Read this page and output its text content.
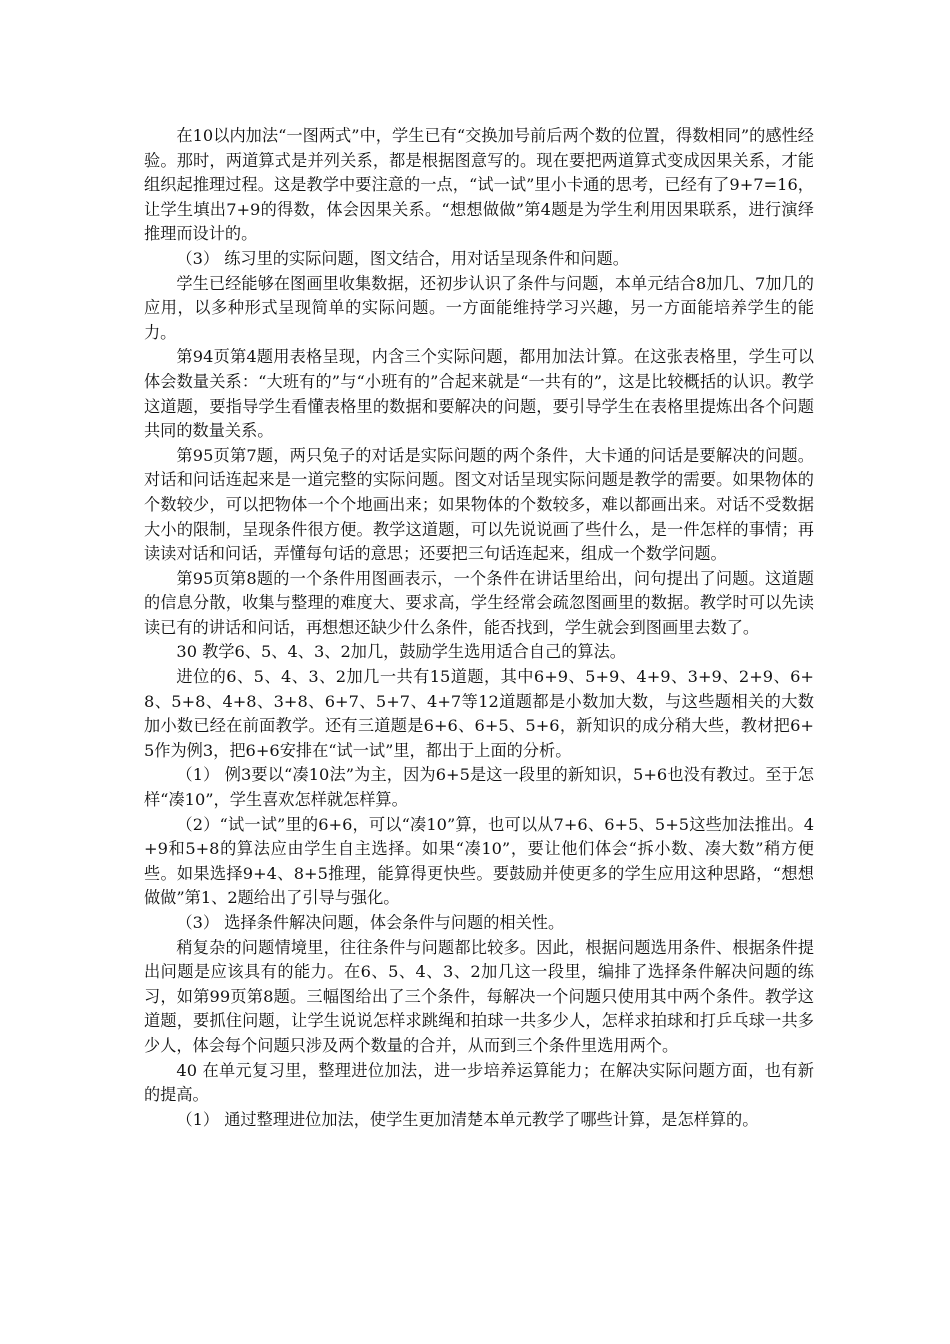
在10以内加法“一图两式”中，学生已有“交换加号前后两个数的位置，得数相同”的感性经验。那时，两道算式是并列关系，都是根据图意写的。现在要把两道算式变成因果关系，才能组织起推理过程。这是教学中要注意的一点，“试一试”里小卡通的思考，已经有了9+7=16，让学生填出7+9的得数，体会因果关系。“想想做做”第4题是为学生利用因果联系，进行演绎推理而设计的。

（3） 练习里的实际问题，图文结合，用对话呈现条件和问题。

学生已经能够在图画里收集数据，还初步认识了条件与问题，本单元结合8加几、7加几的应用，以多种形式呈现简单的实际问题。一方面能维持学习兴趣，另一方面能培养学生的能力。

第94页第4题用表格呈现，内含三个实际问题，都用加法计算。在这张表格里，学生可以体会数量关系：“大班有的”与“小班有的”合起来就是“一共有的”，这是比较概括的认识。教学这道题，要指导学生看懂表格里的数据和要解决的问题，要引导学生在表格里提炼出各个问题共同的数量关系。

第95页第7题，两只兔子的对话是实际问题的两个条件，大卡通的问话是要解决的问题。对话和问话连起来是一道完整的实际问题。图文对话呈现实际问题是教学的需要。如果物体的个数较少，可以把物体一个个地画出来；如果物体的个数较多，难以都画出来。对话不受数据大小的限制，呈现条件很方便。教学这道题，可以先说说画了些什么，是一件怎样的事情；再读读对话和问话，弄懂每句话的意思；还要把三句话连起来，组成一个数学问题。

第95页第8题的一个条件用图画表示，一个条件在讲话里给出，问句提出了问题。这道题的信息分散，收集与整理的难度大、要求高，学生经常会疏忽图画里的数据。教学时可以先读读已有的讲话和问话，再想想还缺少什么条件，能否找到，学生就会到图画里去数了。

30 教学6、5、4、3、2加几，鼓励学生选用适合自己的算法。

进位的6、5、4、3、2加几一共有15道题，其中6+9、5+9、4+9、3+9、2+9、6+8、5+8、4+8、3+8、6+7、5+7、4+7等12道题都是小数加大数，与这些题相关的大数加小数已经在前面教学。还有三道题是6+6、6+5、5+6，新知识的成分稍大些，教材把6+5作为例3，把6+6安排在“试一试”里，都出于上面的分析。

（1） 例3要以“凑10法”为主，因为6+5是这一段里的新知识，5+6也没有教过。至于怎样“凑10”，学生喜欢怎样就怎样算。

（2）“试一试”里的6+6，可以“凑10”算，也可以从7+6、6+5、5+5这些加法推出。4+9和5+8的算法应由学生自主选择。如果“凑10”，要让他们体会“拆小数、凑大数”稍方便些。如果选择9+4、8+5推理，能算得更快些。要鼓励并使更多的学生应用这种思路，“想想做做”第1、2题给出了引导与强化。

（3） 选择条件解决问题，体会条件与问题的相关性。

稍复杂的问题情境里，往往条件与问题都比较多。因此，根据问题选用条件、根据条件提出问题是应该具有的能力。在6、5、4、3、2加几这一段里，编排了选择条件解决问题的练习，如第99页第8题。三幅图给出了三个条件，每解决一个问题只使用其中两个条件。教学这道题，要抓住问题，让学生说说怎样求跳绳和拍球一共多少人，怎样求拍球和打乒乓球一共多少人，体会每个问题只涉及两个数量的合并，从而到三个条件里选用两个。

40 在单元复习里，整理进位加法，进一步培养运算能力；在解决实际问题方面，也有新的提高。

（1） 通过整理进位加法，使学生更加清楚本单元教学了哪些计算，是怎样算的。
